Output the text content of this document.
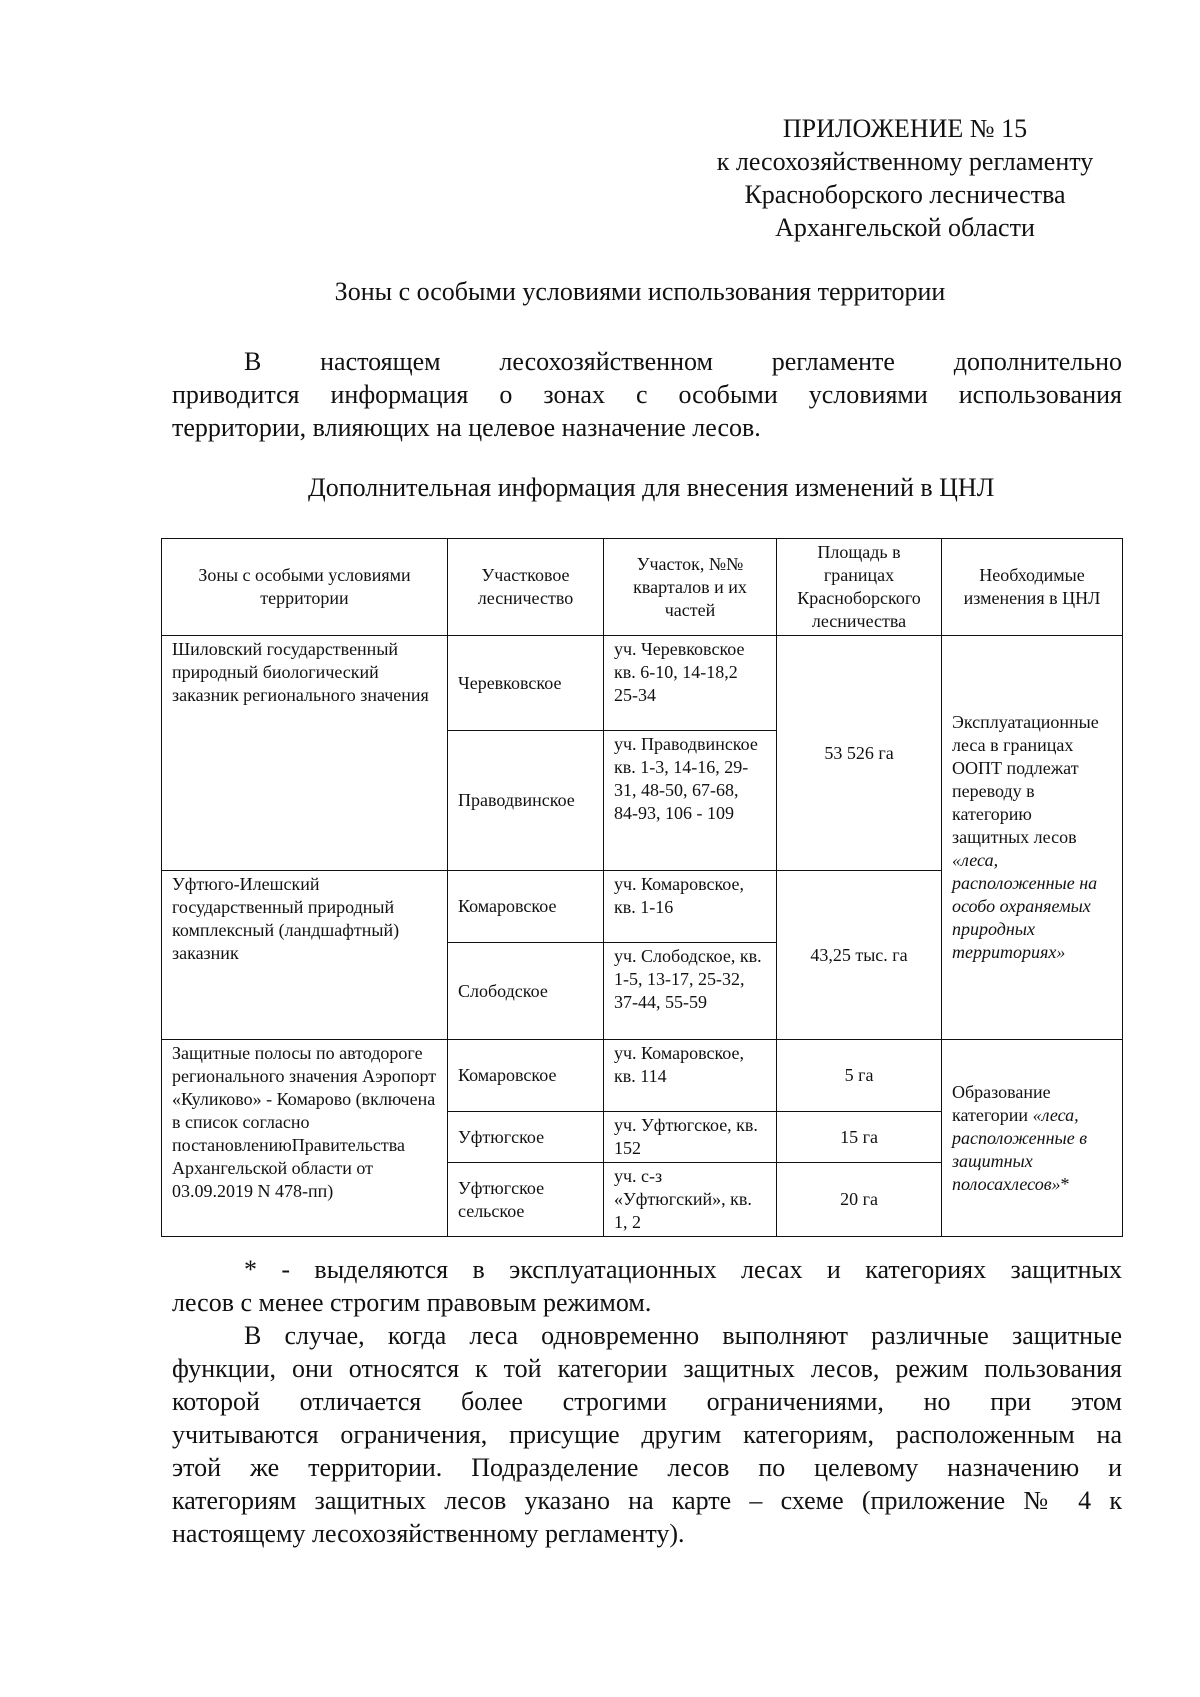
ПРИЛОЖЕНИЕ № 15
к лесохозяйственному регламенту
Красноборского лесничества
Архангельской области
Зоны с особыми условиями использования территории
В настоящем лесохозяйственном регламенте дополнительно
приводится информация о зонах с особыми условиями использования
территории, влияющих на целевое назначение лесов.
Дополнительная информация для внесения изменений в ЦНЛ
Зоны с особыми условиями территории	Участковое лесничество	Участок, №№ кварталов и их частей	Площадь в границах Красноборского лесничества	Необходимые изменения в ЦНЛ
Шиловский государственный природный биологический заказник регионального значения	Черевковское	уч. Черевковское кв. 6-10, 14-18,2 25-34	53 526 га	Эксплуатационные леса в границах ООПТ подлежат переводу в категорию защитных лесов «леса, расположенные на особо охраняемых природных территориях»
	Праводвинское	уч. Праводвинское кв. 1-3, 14-16, 29-31, 48-50, 67-68, 84-93, 106 - 109		
Уфтюго-Илешский государственный природный комплексный (ландшафтный) заказник	Комаровское	уч. Комаровское, кв. 1-16	43,25 тыс. га	
	Слободское	уч. Слободское, кв. 1-5, 13-17, 25-32, 37-44, 55-59		
Защитные полосы по автодороге регионального значения Аэропорт «Куликово» - Комарово (включена в список согласно постановлениюПравительства Архангельской области от 03.09.2019 N 478-пп)	Комаровское	уч. Комаровское, кв. 114	5 га	Образование категории «леса, расположенные в защитных полосахлесов»*
	Уфтюгское	уч. Уфтюгское, кв. 152	15 га	
	Уфтюгское сельское	уч. с-з «Уфтюгский», кв. 1, 2	20 га	
* - выделяются в эксплуатационных лесах и категориях защитных
лесов с менее строгим правовым режимом.
В случае, когда леса одновременно выполняют различные защитные
функции, они относятся к той категории защитных лесов, режим пользования
которой отличается более строгими ограничениями, но при этом
учитываются ограничения, присущие другим категориям, расположенным на
этой же территории. Подразделение лесов по целевому назначению и
категориям защитных лесов указано на карте – схеме (приложение № 4 к
настоящему лесохозяйственному регламенту).
